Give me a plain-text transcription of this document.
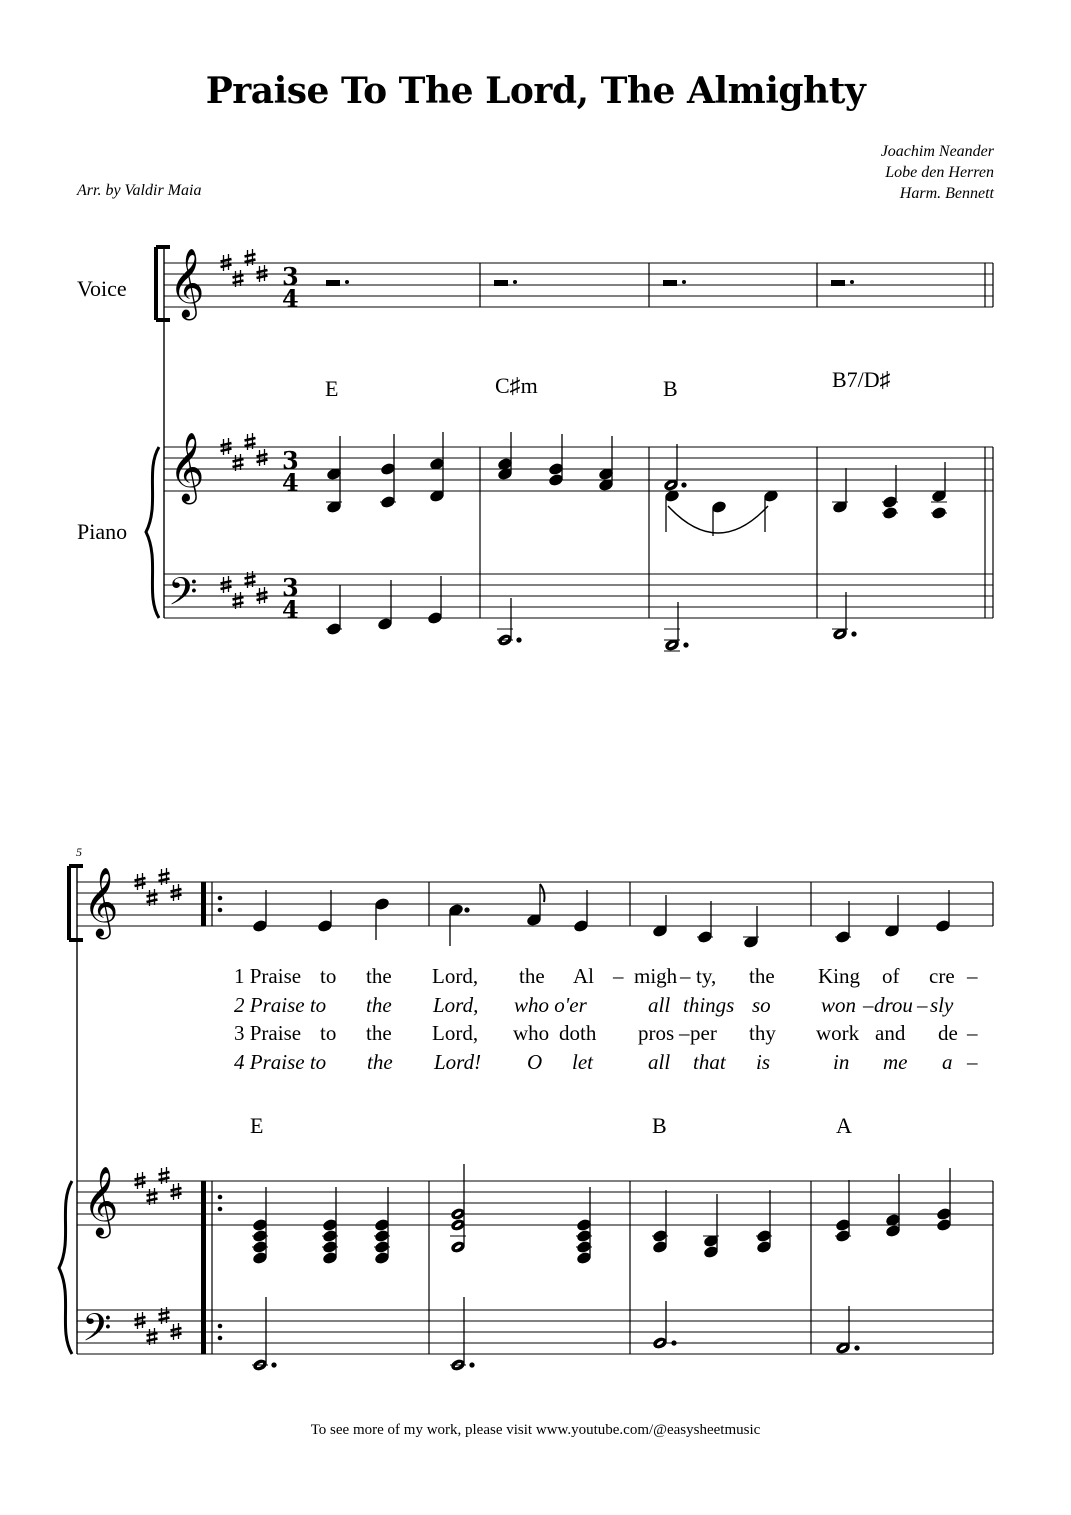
Praise To The Lord, The Almighty
Arr. by Valdir Maia
Joachim Neander
Lobe den Herren
Harm. Bennett
Voice
Piano
E	C♯m	B	B7/D♯
5
1 Praise to the Lord, the Al – migh – ty, the King of cre –
2 Praise to the Lord, who o'er	all things so won – drou – sly
3 Praise to the Lord, who doth pros – per thy work and de –
4 Praise to the Lord! O let	all that is	in me a –
E	B	A
To see more of my work, please visit www.youtube.com/@easysheetmusic
𝄞
𝄞
𝄢
3
4
3
4
3
4
𝄞
𝄞
𝄢
